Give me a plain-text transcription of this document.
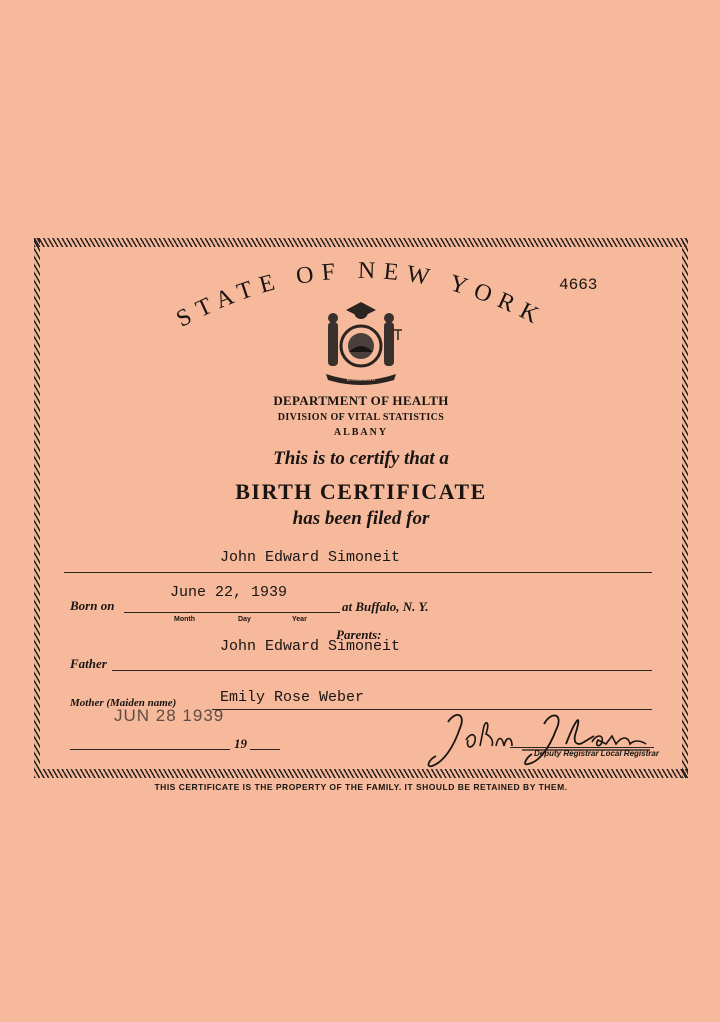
STATE OF NEW YORK
4663
EXCELSIOR
DEPARTMENT OF HEALTH
DIVISION OF VITAL STATISTICS
ALBANY
This is to certify that a
BIRTH CERTIFICATE
has been filed for
John Edward Simoneit
June 22, 1939
Born on	at Buffalo, N. Y.
Month	Day	Year
Parents:
John Edward Simoneit
Father
Mother (Maiden name)	Emily Rose Weber
JUN 28 1939
19
Deputy Registrar Local Registrar
THIS CERTIFICATE IS THE PROPERTY OF THE FAMILY. IT SHOULD BE RETAINED BY THEM.
